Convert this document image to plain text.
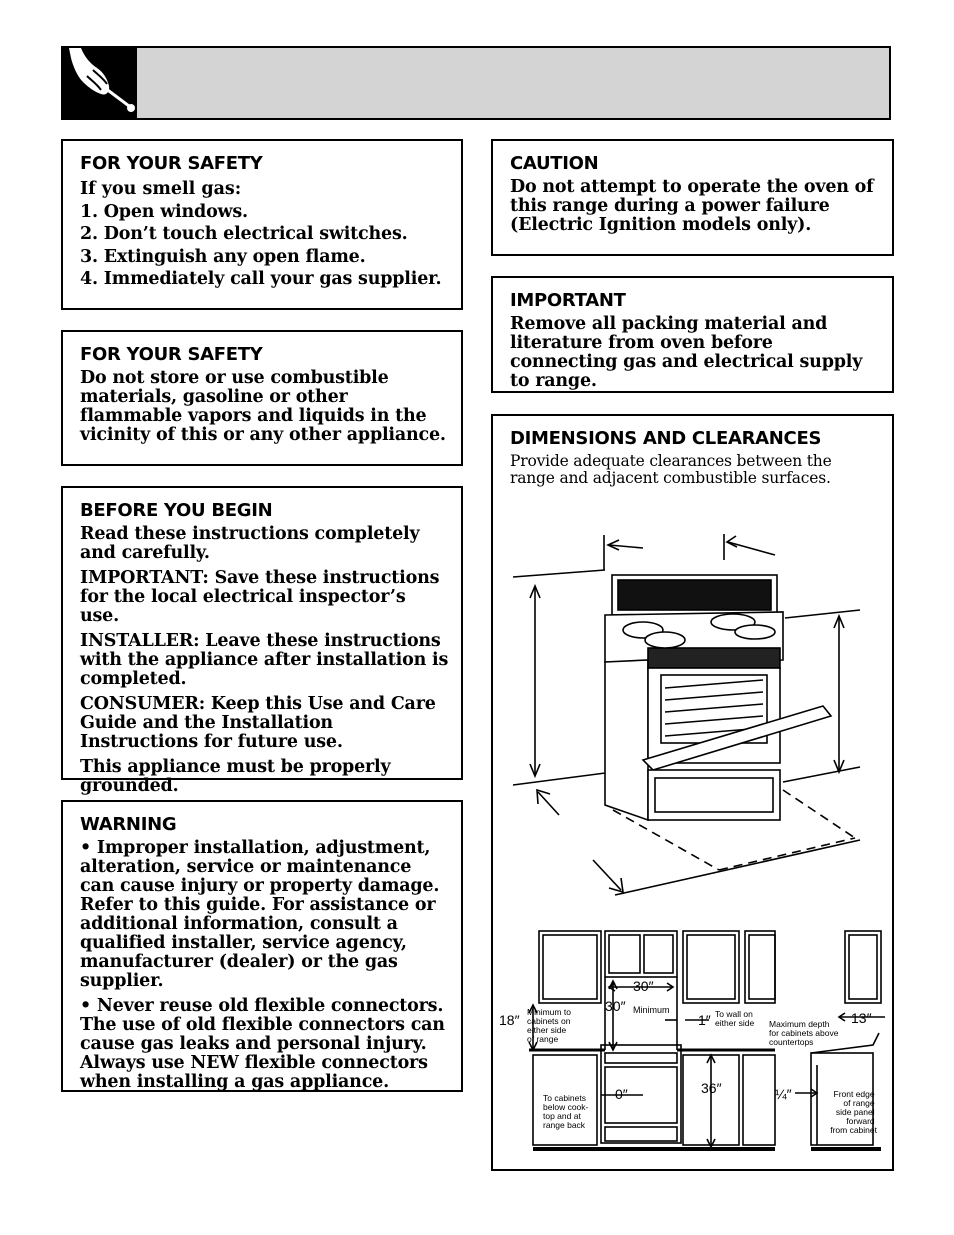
FOR YOUR SAFETY
If you smell gas:
1. Open windows.
2. Don’t touch electrical switches.
3. Extinguish any open flame.
4. Immediately call your gas supplier.
FOR YOUR SAFETY

Do not store or use combustible materials, gasoline or other flammable vapors and liquids in the vicinity of this or any other appliance.

BEFORE YOU BEGIN

Read these instructions completely and carefully.

IMPORTANT: Save these instructions for the local electrical inspector’s use.

INSTALLER: Leave these instructions with the appliance after installation is completed.

CONSUMER: Keep this Use and Care Guide and the Installation Instructions for future use.

This appliance must be properly grounded.

WARNING

• Improper installation, adjustment, alteration, service or maintenance can cause injury or property damage. Refer to this guide. For assistance or additional information, consult a qualified installer, service agency, manufacturer (dealer) or the gas supplier.

• Never reuse old flexible connectors. The use of old flexible connectors can cause gas leaks and personal injury. Always use NEW flexible connectors when installing a gas appliance.

CAUTION

Do not attempt to operate the oven of this range during a power failure (Electric Ignition models only).

IMPORTANT

Remove all packing material and literature from oven before connecting gas and electrical supply to range.

DIMENSIONS AND CLEARANCES

Provide adequate clearances between the range and adjacent combustible surfaces.

30″
30″ Minimum
18″ Minimum to cabinets on either side of range
1″ To wall on either side	13″
Maximum depth for cabinets above countertops
0″
To cabinets below cook- top and at range back
36″	¼″	Front edge of range side panel forward from cabinet
